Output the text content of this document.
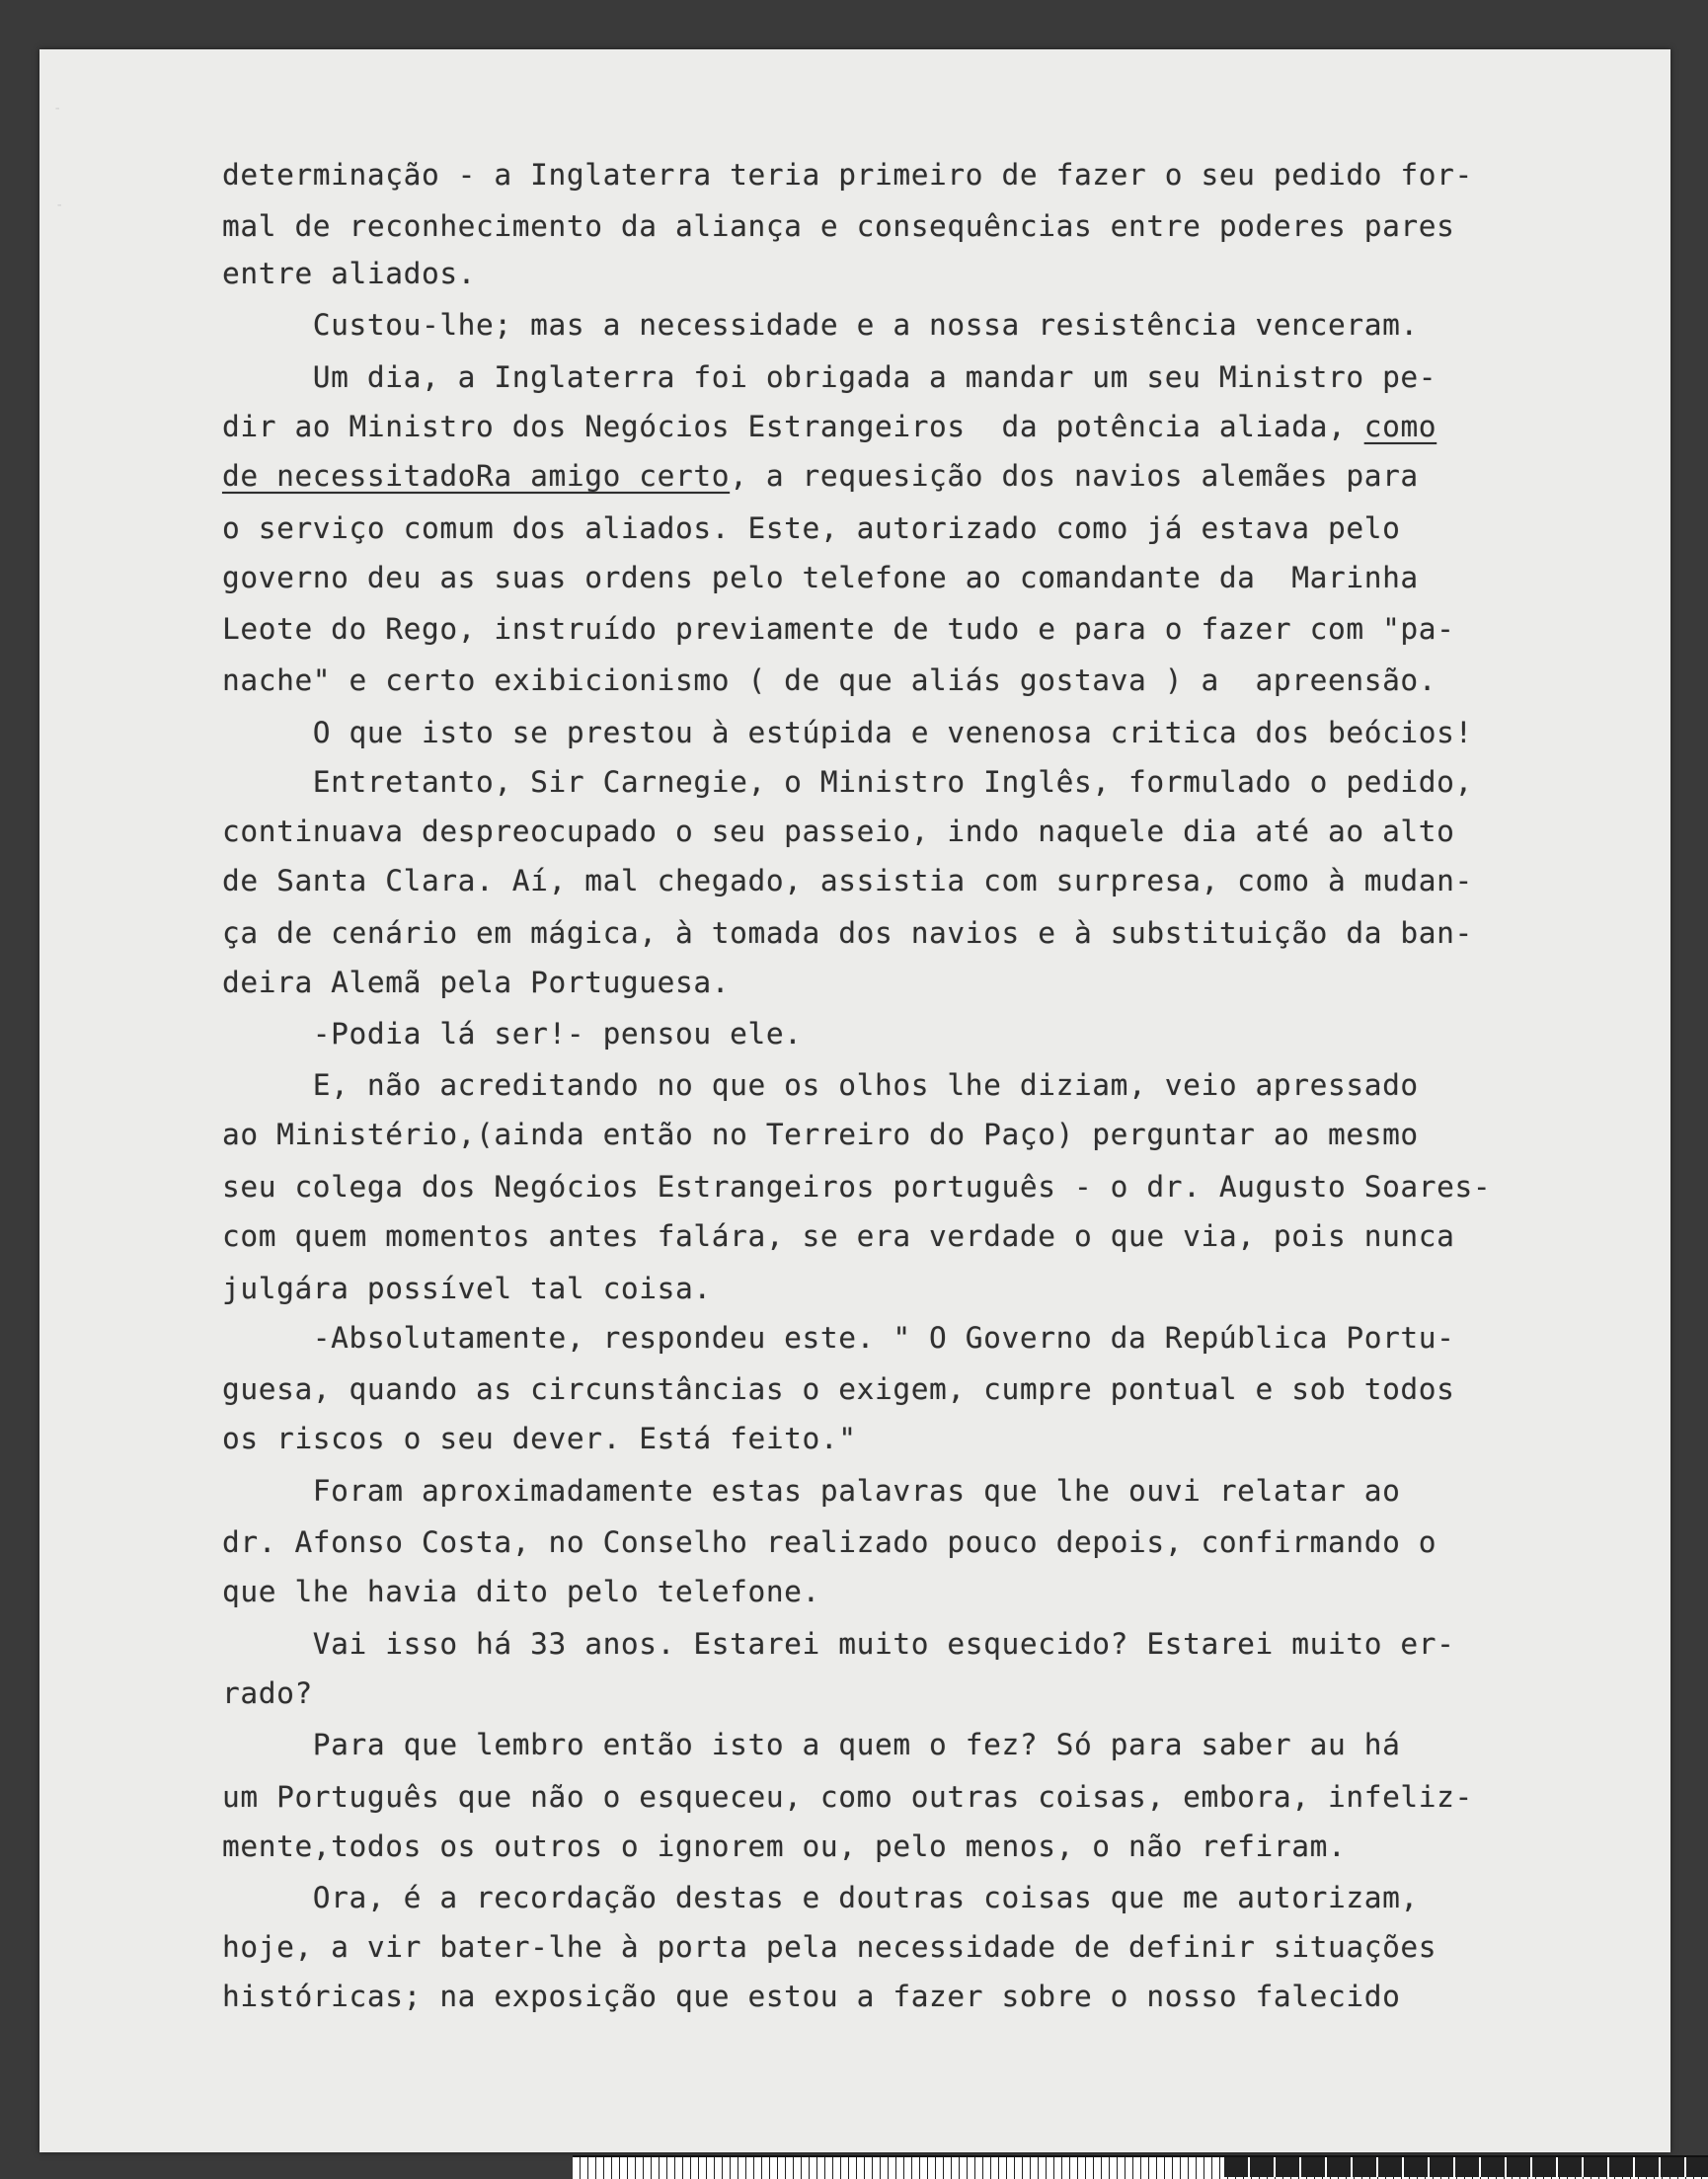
-
-
determinação - a Inglaterra teria primeiro de fazer o seu pedido for-
mal de reconhecimento da aliança e consequências entre poderes pares
entre aliados.
Custou-lhe; mas a necessidade e a nossa resistência venceram.
Um dia, a Inglaterra foi obrigada a mandar um seu Ministro pe-
dir ao Ministro dos Negócios Estrangeiros  da potência aliada, como
de necessitadoRa amigo certo, a requesição dos navios alemães para
o serviço comum dos aliados. Este, autorizado como já estava pelo
governo deu as suas ordens pelo telefone ao comandante da  Marinha
Leote do Rego, instruído previamente de tudo e para o fazer com "pa-
nache" e certo exibicionismo ( de que aliás gostava ) a  apreensão.
O que isto se prestou à estúpida e venenosa critica dos beócios!
Entretanto, Sir Carnegie, o Ministro Inglês, formulado o pedido,
continuava despreocupado o seu passeio, indo naquele dia até ao alto
de Santa Clara. Aí, mal chegado, assistia com surpresa, como à mudan-
ça de cenário em mágica, à tomada dos navios e à substituição da ban-
deira Alemã pela Portuguesa.
-Podia lá ser!- pensou ele.
E, não acreditando no que os olhos lhe diziam, veio apressado
ao Ministério,(ainda então no Terreiro do Paço) perguntar ao mesmo
seu colega dos Negócios Estrangeiros português - o dr. Augusto Soares-
com quem momentos antes falára, se era verdade o que via, pois nunca
julgára possível tal coisa.
-Absolutamente, respondeu este. " O Governo da República Portu-
guesa, quando as circunstâncias o exigem, cumpre pontual e sob todos
os riscos o seu dever. Está feito."
Foram aproximadamente estas palavras que lhe ouvi relatar ao
dr. Afonso Costa, no Conselho realizado pouco depois, confirmando o
que lhe havia dito pelo telefone.
Vai isso há 33 anos. Estarei muito esquecido? Estarei muito er-
rado?
Para que lembro então isto a quem o fez? Só para saber au há
um Português que não o esqueceu, como outras coisas, embora, infeliz-
mente,todos os outros o ignorem ou, pelo menos, o não refiram.
Ora, é a recordação destas e doutras coisas que me autorizam,
hoje, a vir bater-lhe à porta pela necessidade de definir situações
históricas; na exposição que estou a fazer sobre o nosso falecido
